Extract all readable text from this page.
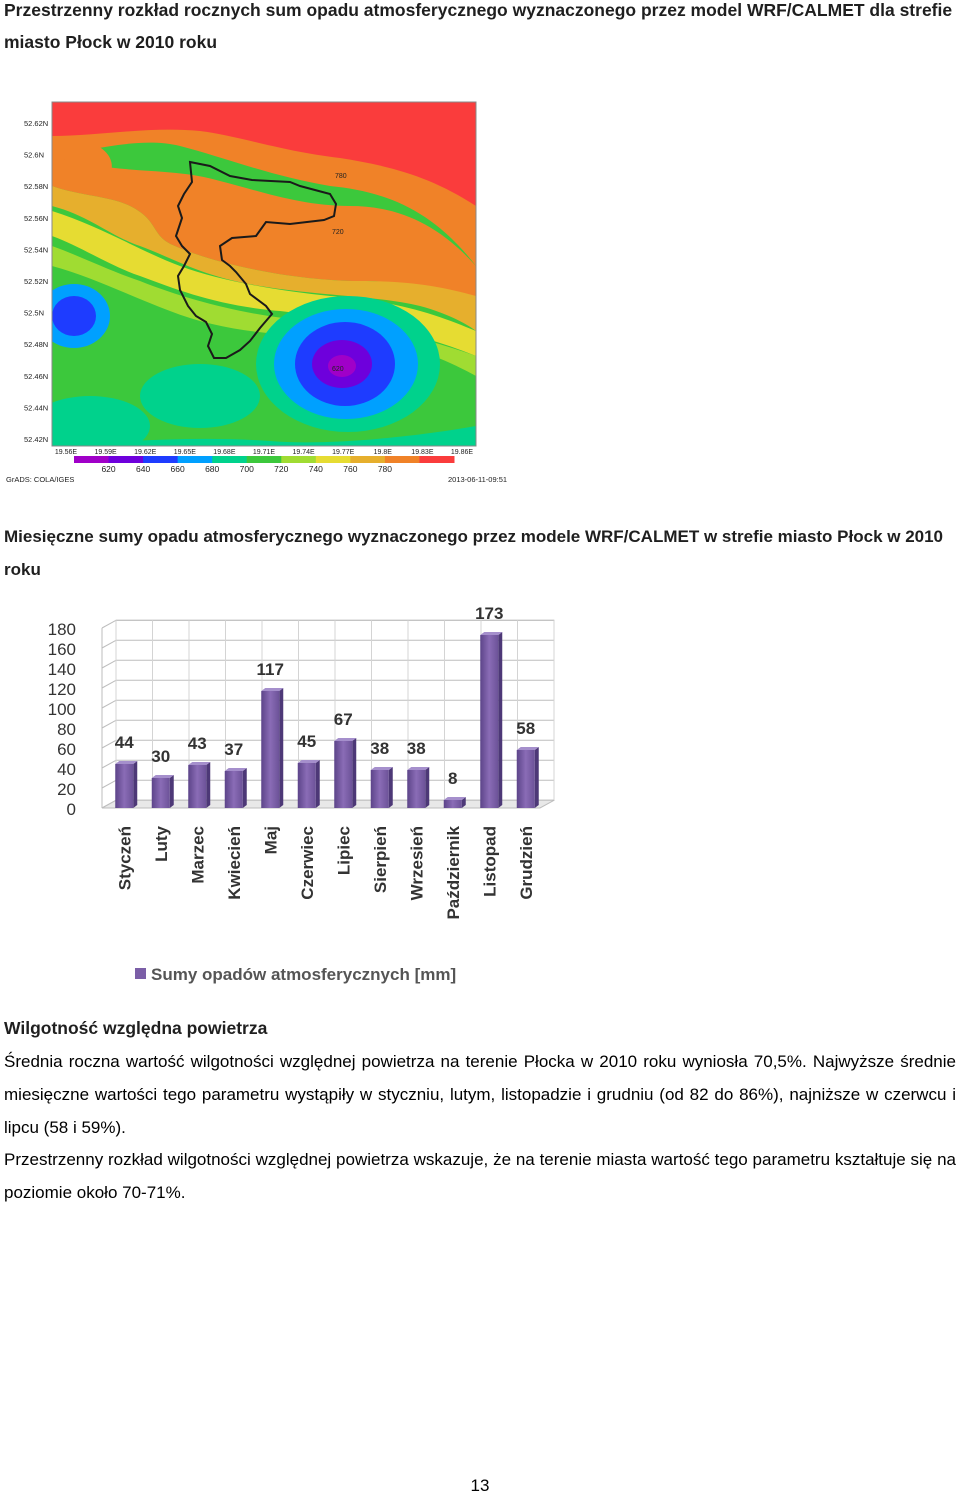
Przestrzenny rozkład rocznych sum opadu atmosferycznego wyznaczonego przez model WRF/CALMET dla strefie miasto Płock w 2010 roku
52.62N
52.6N
52.58N
52.56N
52.54N
52.52N
52.5N
52.48N
52.46N
52.44N
52.42N
19.56E 19.59E 19.62E 19.65E 19.68E 19.71E 19.74E 19.77E	19.8E	19.83E 19.86E
780
720
620
620 640 660 680 700 720 740 760 780
GrADS: COLA/IGES	2013-06-11-09:51
Miesięczne sumy opadu atmosferycznego wyznaczonego przez modele WRF/CALMET w strefie miasto Płock w 2010 roku
0
20
40
60
80
100
120
140
160
180
44
30
43 37
117
45
67
38 38
8
173
58
Styczeń Luty Marzec Kwiecień Maj Czerwiec Lipiec Sierpień Wrzesień Październik Listopad Grudzień
Sumy opadów atmosferycznych [mm]
Wilgotność względna powietrza
Średnia roczna wartość wilgotności względnej powietrza na terenie Płocka w 2010 roku wyniosła 70,5%. Najwyższe średnie miesięczne wartości tego parametru wystąpiły w styczniu, lutym, listopadzie i grudniu (od 82 do 86%), najniższe w czerwcu i lipcu (58 i 59%).
Przestrzenny rozkład wilgotności względnej powietrza wskazuje, że na terenie miasta wartość tego parametru kształtuje się na poziomie około 70-71%.
13
